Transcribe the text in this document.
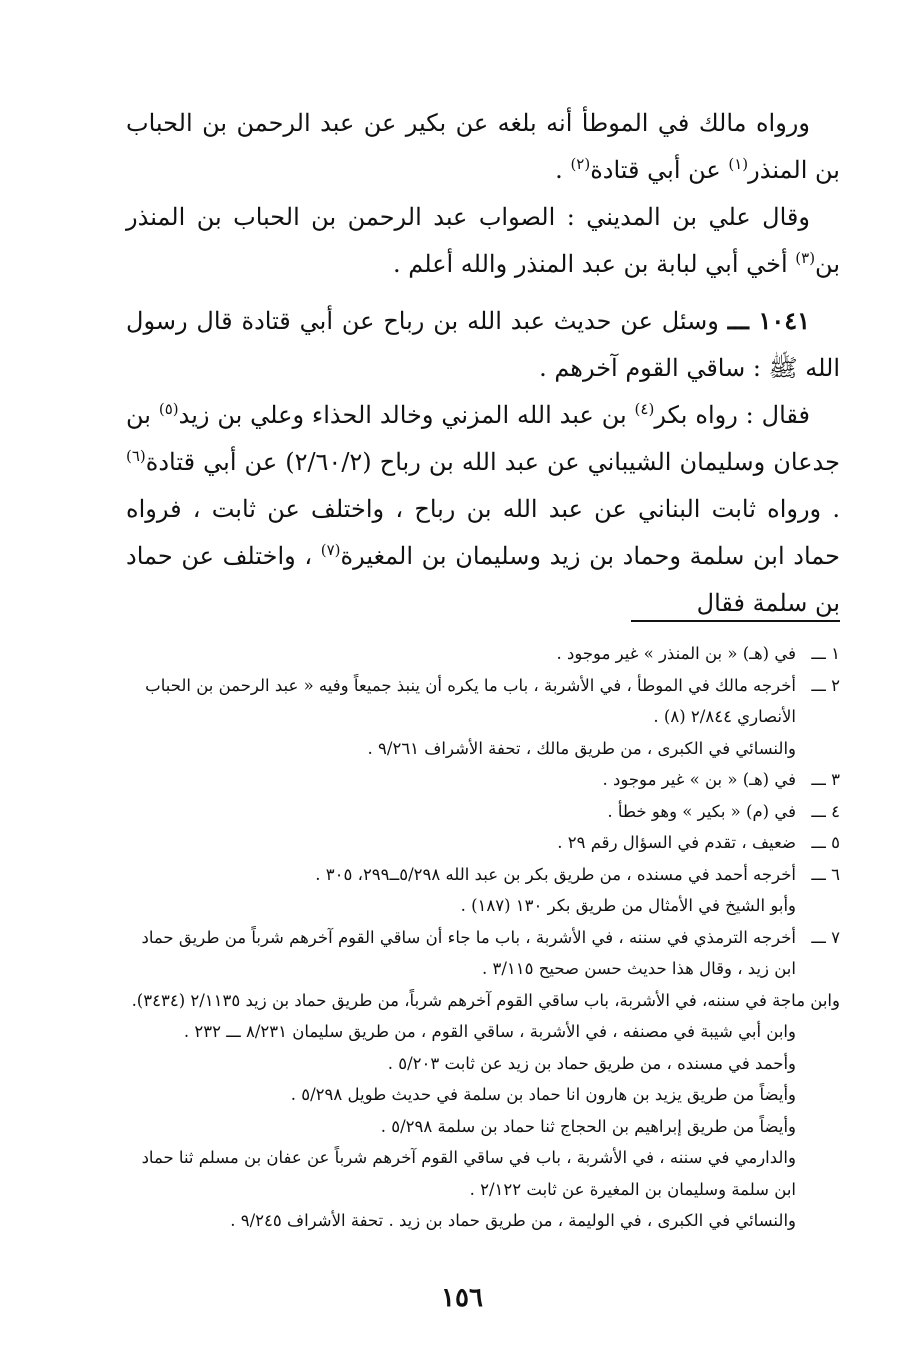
ورواه مالك في الموطأ أنه بلغه عن بكير عن عبد الرحمن بن الحباب بن المنذر$^{(١)}$ عن أبي قتادة$^{(٢)}$ .

وقال علي بن المديني : الصواب عبد الرحمن بن الحباب بن المنذر بن$^{(٣)}$ أخي أبي لبابة بن عبد المنذر والله أعلم .

١٠٤١ ـــ وسئل عن حديث عبد الله بن رباح عن أبي قتادة قال رسول الله ﷺ : ساقي القوم آخرهم .

فقال : رواه بكر$^{(٤)}$ بن عبد الله المزني وخالد الحذاء وعلي بن زيد$^{(٥)}$ بن جدعان وسليمان الشيباني عن عبد الله بن رباح (٢/٦٠/٢) عن أبي قتادة$^{(٦)}$ . ورواه ثابت البناني عن عبد الله بن رباح ، واختلف عن ثابت ، فرواه حماد ابن سلمة وحماد بن زيد وسليمان بن المغيرة$^{(٧)}$ ، واختلف عن حماد بن سلمة فقال

١ ـــ
في (هـ) « بن المنذر » غير موجود .
٢ ـــ
أخرجه مالك في الموطأ ، في الأشربة ، باب ما يكره أن ينبذ جميعاً وفيه « عبد الرحمن بن الحباب
الأنصاري ٢/٨٤٤ (٨) .
والنسائي في الكبرى ، من طريق مالك ، تحفة الأشراف ٩/٢٦١ .
٣ ـــ
في (هـ) « بن » غير موجود .
٤ ـــ
في (م) « بكير » وهو خطأ .
٥ ـــ
ضعيف ، تقدم في السؤال رقم ٢٩ .
٦ ـــ
أخرجه أحمد في مسنده ، من طريق بكر بن عبد الله ٥/٢٩٨ــ٢٩٩، ٣٠٥ .
وأبو الشيخ في الأمثال من طريق بكر ١٣٠ (١٨٧) .
٧ ـــ
أخرجه الترمذي في سننه ، في الأشربة ، باب ما جاء أن ساقي القوم آخرهم شرباً من طريق حماد
ابن زيد ، وقال هذا حديث حسن صحيح ٣/١١٥ .
وابن ماجة في سننه، في الأشربة، باب ساقي القوم آخرهم شرباً، من طريق حماد بن زيد ٢/١١٣٥ (٣٤٣٤).
وابن أبي شيبة في مصنفه ، في الأشربة ، ساقي القوم ، من طريق سليمان ٨/٢٣١ ـــ ٢٣٢ .
وأحمد في مسنده ، من طريق حماد بن زيد عن ثابت ٥/٢٠٣ .
وأيضاً من طريق يزيد بن هارون انا حماد بن سلمة في حديث طويل ٥/٢٩٨ .
وأيضاً من طريق إبراهيم بن الحجاج ثنا حماد بن سلمة ٥/٢٩٨ .
والدارمي في سننه ، في الأشربة ، باب في ساقي القوم آخرهم شرباً عن عفان بن مسلم ثنا حماد
ابن سلمة وسليمان بن المغيرة عن ثابت ٢/١٢٢ .
والنسائي في الكبرى ، في الوليمة ، من طريق حماد بن زيد . تحفة الأشراف ٩/٢٤٥ .
١٥٦
